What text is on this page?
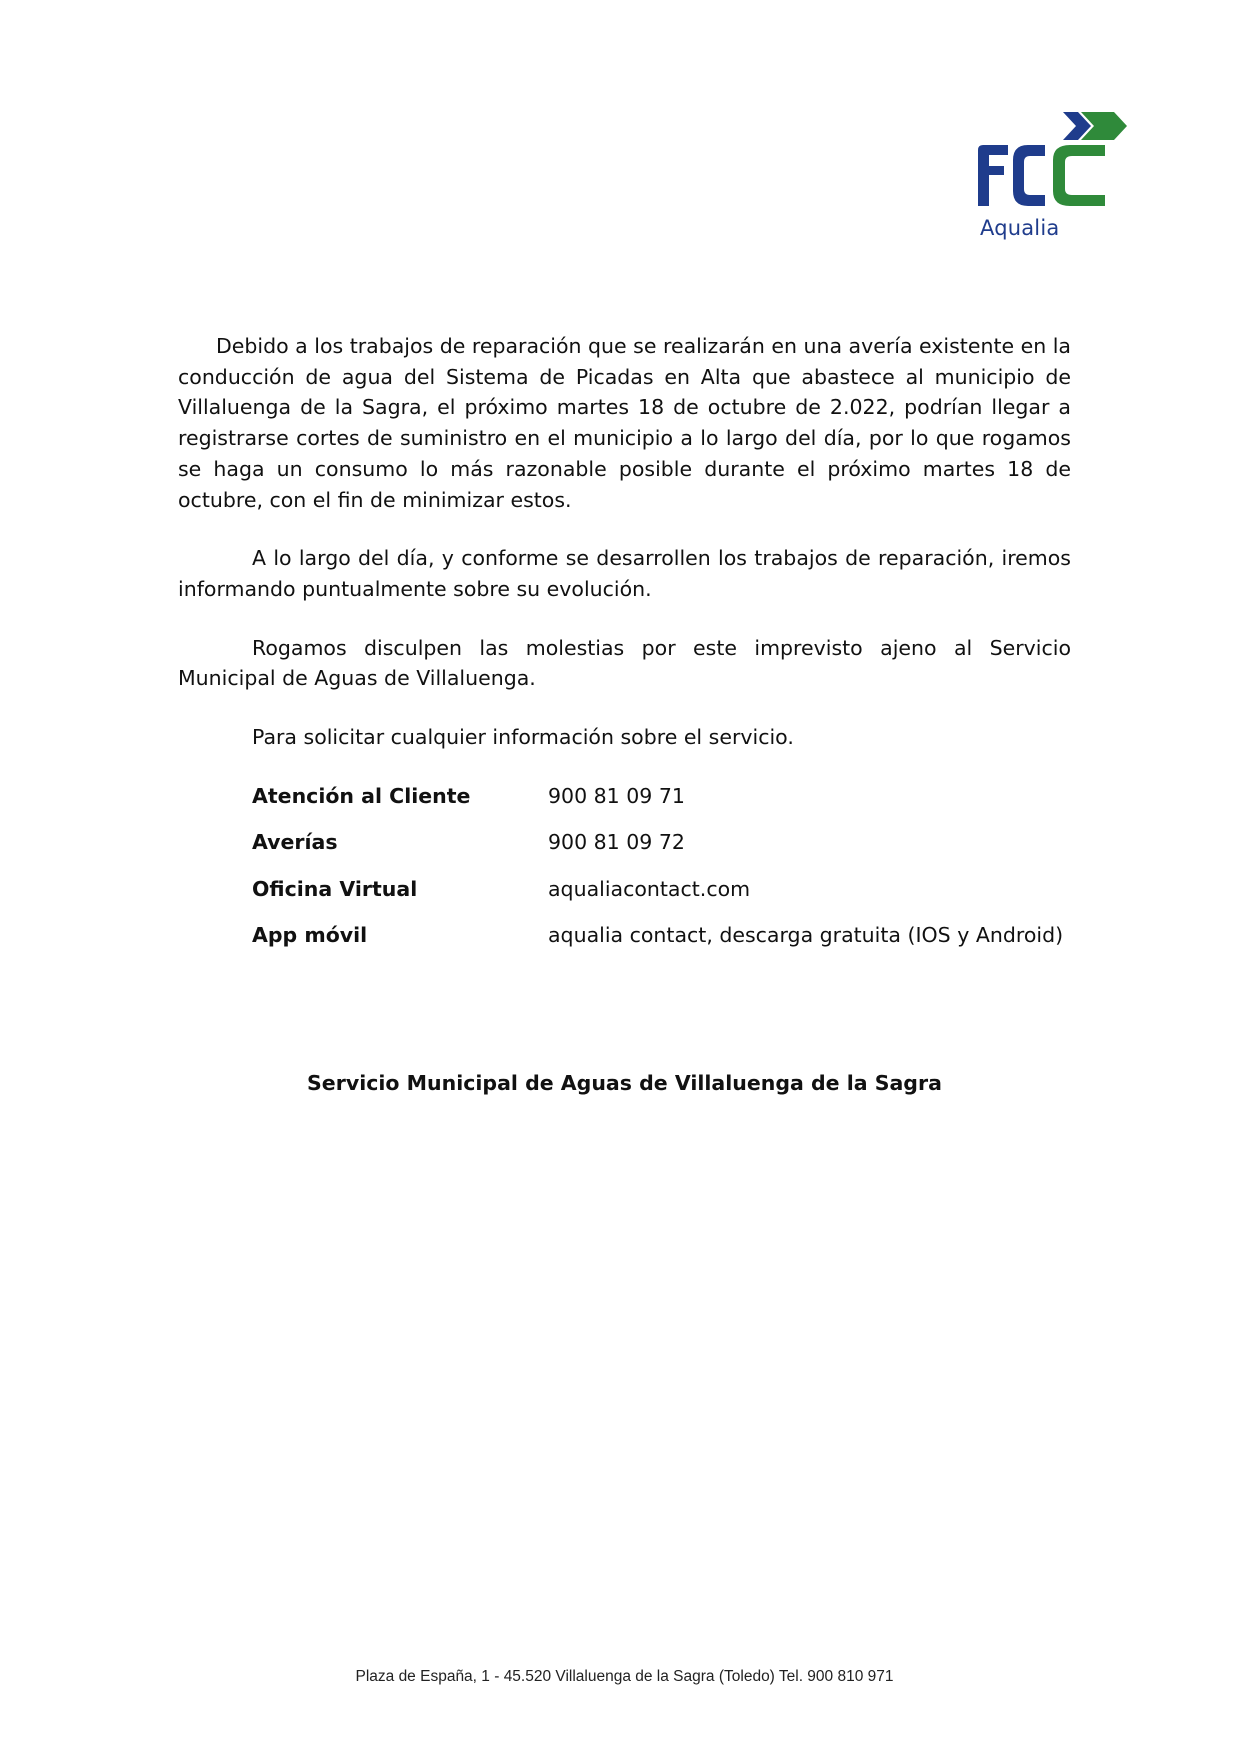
Aqualia

Debido a los trabajos de reparación que se realizarán en una avería existente en la conducción de agua del Sistema de Picadas en Alta que abastece al municipio de Villaluenga de la Sagra, el próximo martes 18 de octubre de 2.022, podrían llegar a registrarse cortes de suministro en el municipio a lo largo del día, por lo que rogamos se haga un consumo lo más razonable posible durante el próximo martes 18 de octubre, con el fin de minimizar estos.

A lo largo del día, y conforme se desarrollen los trabajos de reparación, iremos informando puntualmente sobre su evolución.

Rogamos disculpen las molestias por este imprevisto ajeno al Servicio Municipal de Aguas de Villaluenga.

Para solicitar cualquier información sobre el servicio.

Atención al Cliente	900 81 09 71
Averías	900 81 09 72
Oficina Virtual	aqualiacontact.com
App móvil	aqualia contact, descarga gratuita (IOS y Android)
Servicio Municipal de Aguas de Villaluenga de la Sagra
Plaza de España, 1 - 45.520 Villaluenga de la Sagra (Toledo) Tel. 900 810 971
